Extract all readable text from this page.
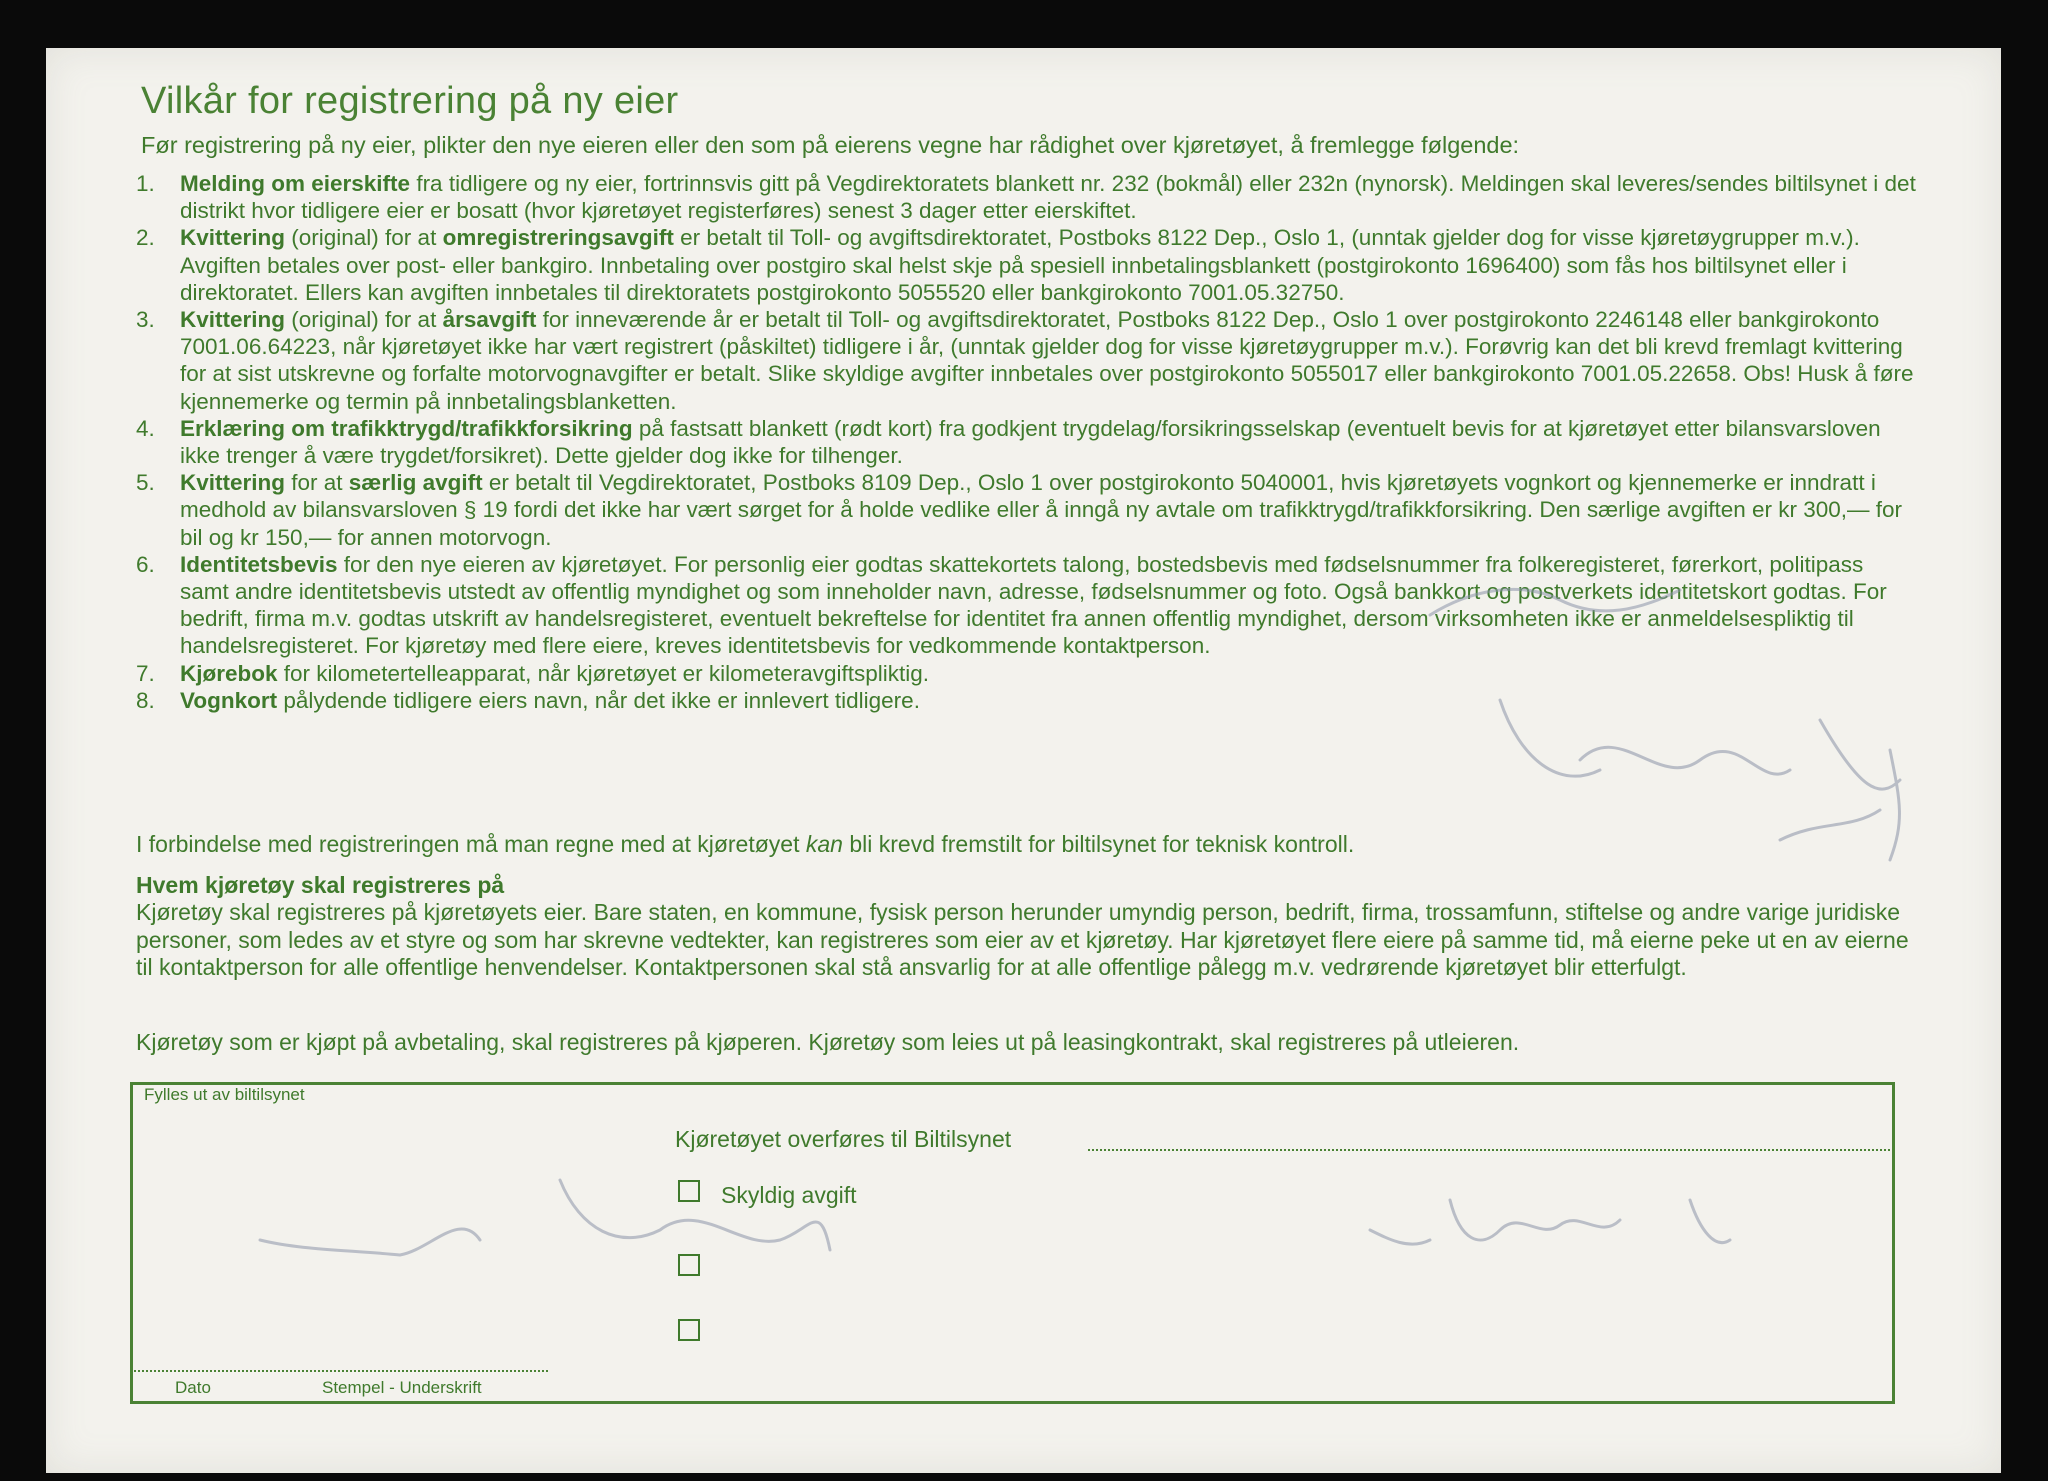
Vilkår for registrering på ny eier
Før registrering på ny eier, plikter den nye eieren eller den som på eierens vegne har rådighet over kjøretøyet, å fremlegge følgende:
1. Melding om eierskifte fra tidligere og ny eier, fortrinnsvis gitt på Vegdirektoratets blankett nr. 232 (bokmål) eller 232n (nynorsk). Meldingen skal leveres/sendes biltilsynet i det distrikt hvor tidligere eier er bosatt (hvor kjøretøyet registerføres) senest 3 dager etter eierskiftet.
2. Kvittering (original) for at omregistreringsavgift er betalt til Toll- og avgiftsdirektoratet, Postboks 8122 Dep., Oslo 1, (unntak gjelder dog for visse kjøretøygrupper m.v.). Avgiften betales over post- eller bankgiro. Innbetaling over postgiro skal helst skje på spesiell innbetalingsblankett (postgirokonto 1696400) som fås hos biltilsynet eller i direktoratet. Ellers kan avgiften innbetales til direktoratets postgirokonto 5055520 eller bankgirokonto 7001.05.32750.
3. Kvittering (original) for at årsavgift for inneværende år er betalt til Toll- og avgiftsdirektoratet, Postboks 8122 Dep., Oslo 1 over postgirokonto 2246148 eller bankgirokonto 7001.06.64223, når kjøretøyet ikke har vært registrert (påskiltet) tidligere i år, (unntak gjelder dog for visse kjøretøygrupper m.v.). Forøvrig kan det bli krevd fremlagt kvittering for at sist utskrevne og forfalte motorvognavgifter er betalt. Slike skyldige avgifter innbetales over postgirokonto 5055017 eller bankgirokonto 7001.05.22658. Obs! Husk å føre kjennemerke og termin på innbetalingsblanketten.
4. Erklæring om trafikktrygd/trafikkforsikring på fastsatt blankett (rødt kort) fra godkjent trygdelag/forsikringsselskap (eventuelt bevis for at kjøretøyet etter bilansvarsloven ikke trenger å være trygdet/forsikret). Dette gjelder dog ikke for tilhenger.
5. Kvittering for at særlig avgift er betalt til Vegdirektoratet, Postboks 8109 Dep., Oslo 1 over postgirokonto 5040001, hvis kjøretøyets vognkort og kjennemerke er inndratt i medhold av bilansvarsloven § 19 fordi det ikke har vært sørget for å holde vedlike eller å inngå ny avtale om trafikktrygd/trafikkforsikring. Den særlige avgiften er kr 300,— for bil og kr 150,— for annen motorvogn.
6. Identitetsbevis for den nye eieren av kjøretøyet. For personlig eier godtas skattekortets talong, bostedsbevis med fødselsnummer fra folkeregisteret, førerkort, politipass samt andre identitetsbevis utstedt av offentlig myndighet og som inneholder navn, adresse, fødselsnummer og foto. Også bankkort og postverkets identitetskort godtas. For bedrift, firma m.v. godtas utskrift av handelsregisteret, eventuelt bekreftelse for identitet fra annen offentlig myndighet, dersom virksomheten ikke er anmeldelsespliktig til handelsregisteret. For kjøretøy med flere eiere, kreves identitetsbevis for vedkommende kontaktperson.
7. Kjørebok for kilometertelleapparat, når kjøretøyet er kilometeravgiftspliktig.
8. Vognkort pålydende tidligere eiers navn, når det ikke er innlevert tidligere.
I forbindelse med registreringen må man regne med at kjøretøyet kan bli krevd fremstilt for biltilsynet for teknisk kontroll.
Hvem kjøretøy skal registreres på
Kjøretøy skal registreres på kjøretøyets eier. Bare staten, en kommune, fysisk person herunder umyndig person, bedrift, firma, trossamfunn, stiftelse og andre varige juridiske personer, som ledes av et styre og som har skrevne vedtekter, kan registreres som eier av et kjøretøy. Har kjøretøyet flere eiere på samme tid, må eierne peke ut en av eierne til kontaktperson for alle offentlige henvendelser. Kontaktpersonen skal stå ansvarlig for at alle offentlige pålegg m.v. vedrørende kjøretøyet blir etterfulgt.
Kjøretøy som er kjøpt på avbetaling, skal registreres på kjøperen. Kjøretøy som leies ut på leasingkontrakt, skal registreres på utleieren.
Fylles ut av biltilsynet
Kjøretøyet overføres til Biltilsynet
Skyldig avgift
Dato	Stempel - Underskrift
